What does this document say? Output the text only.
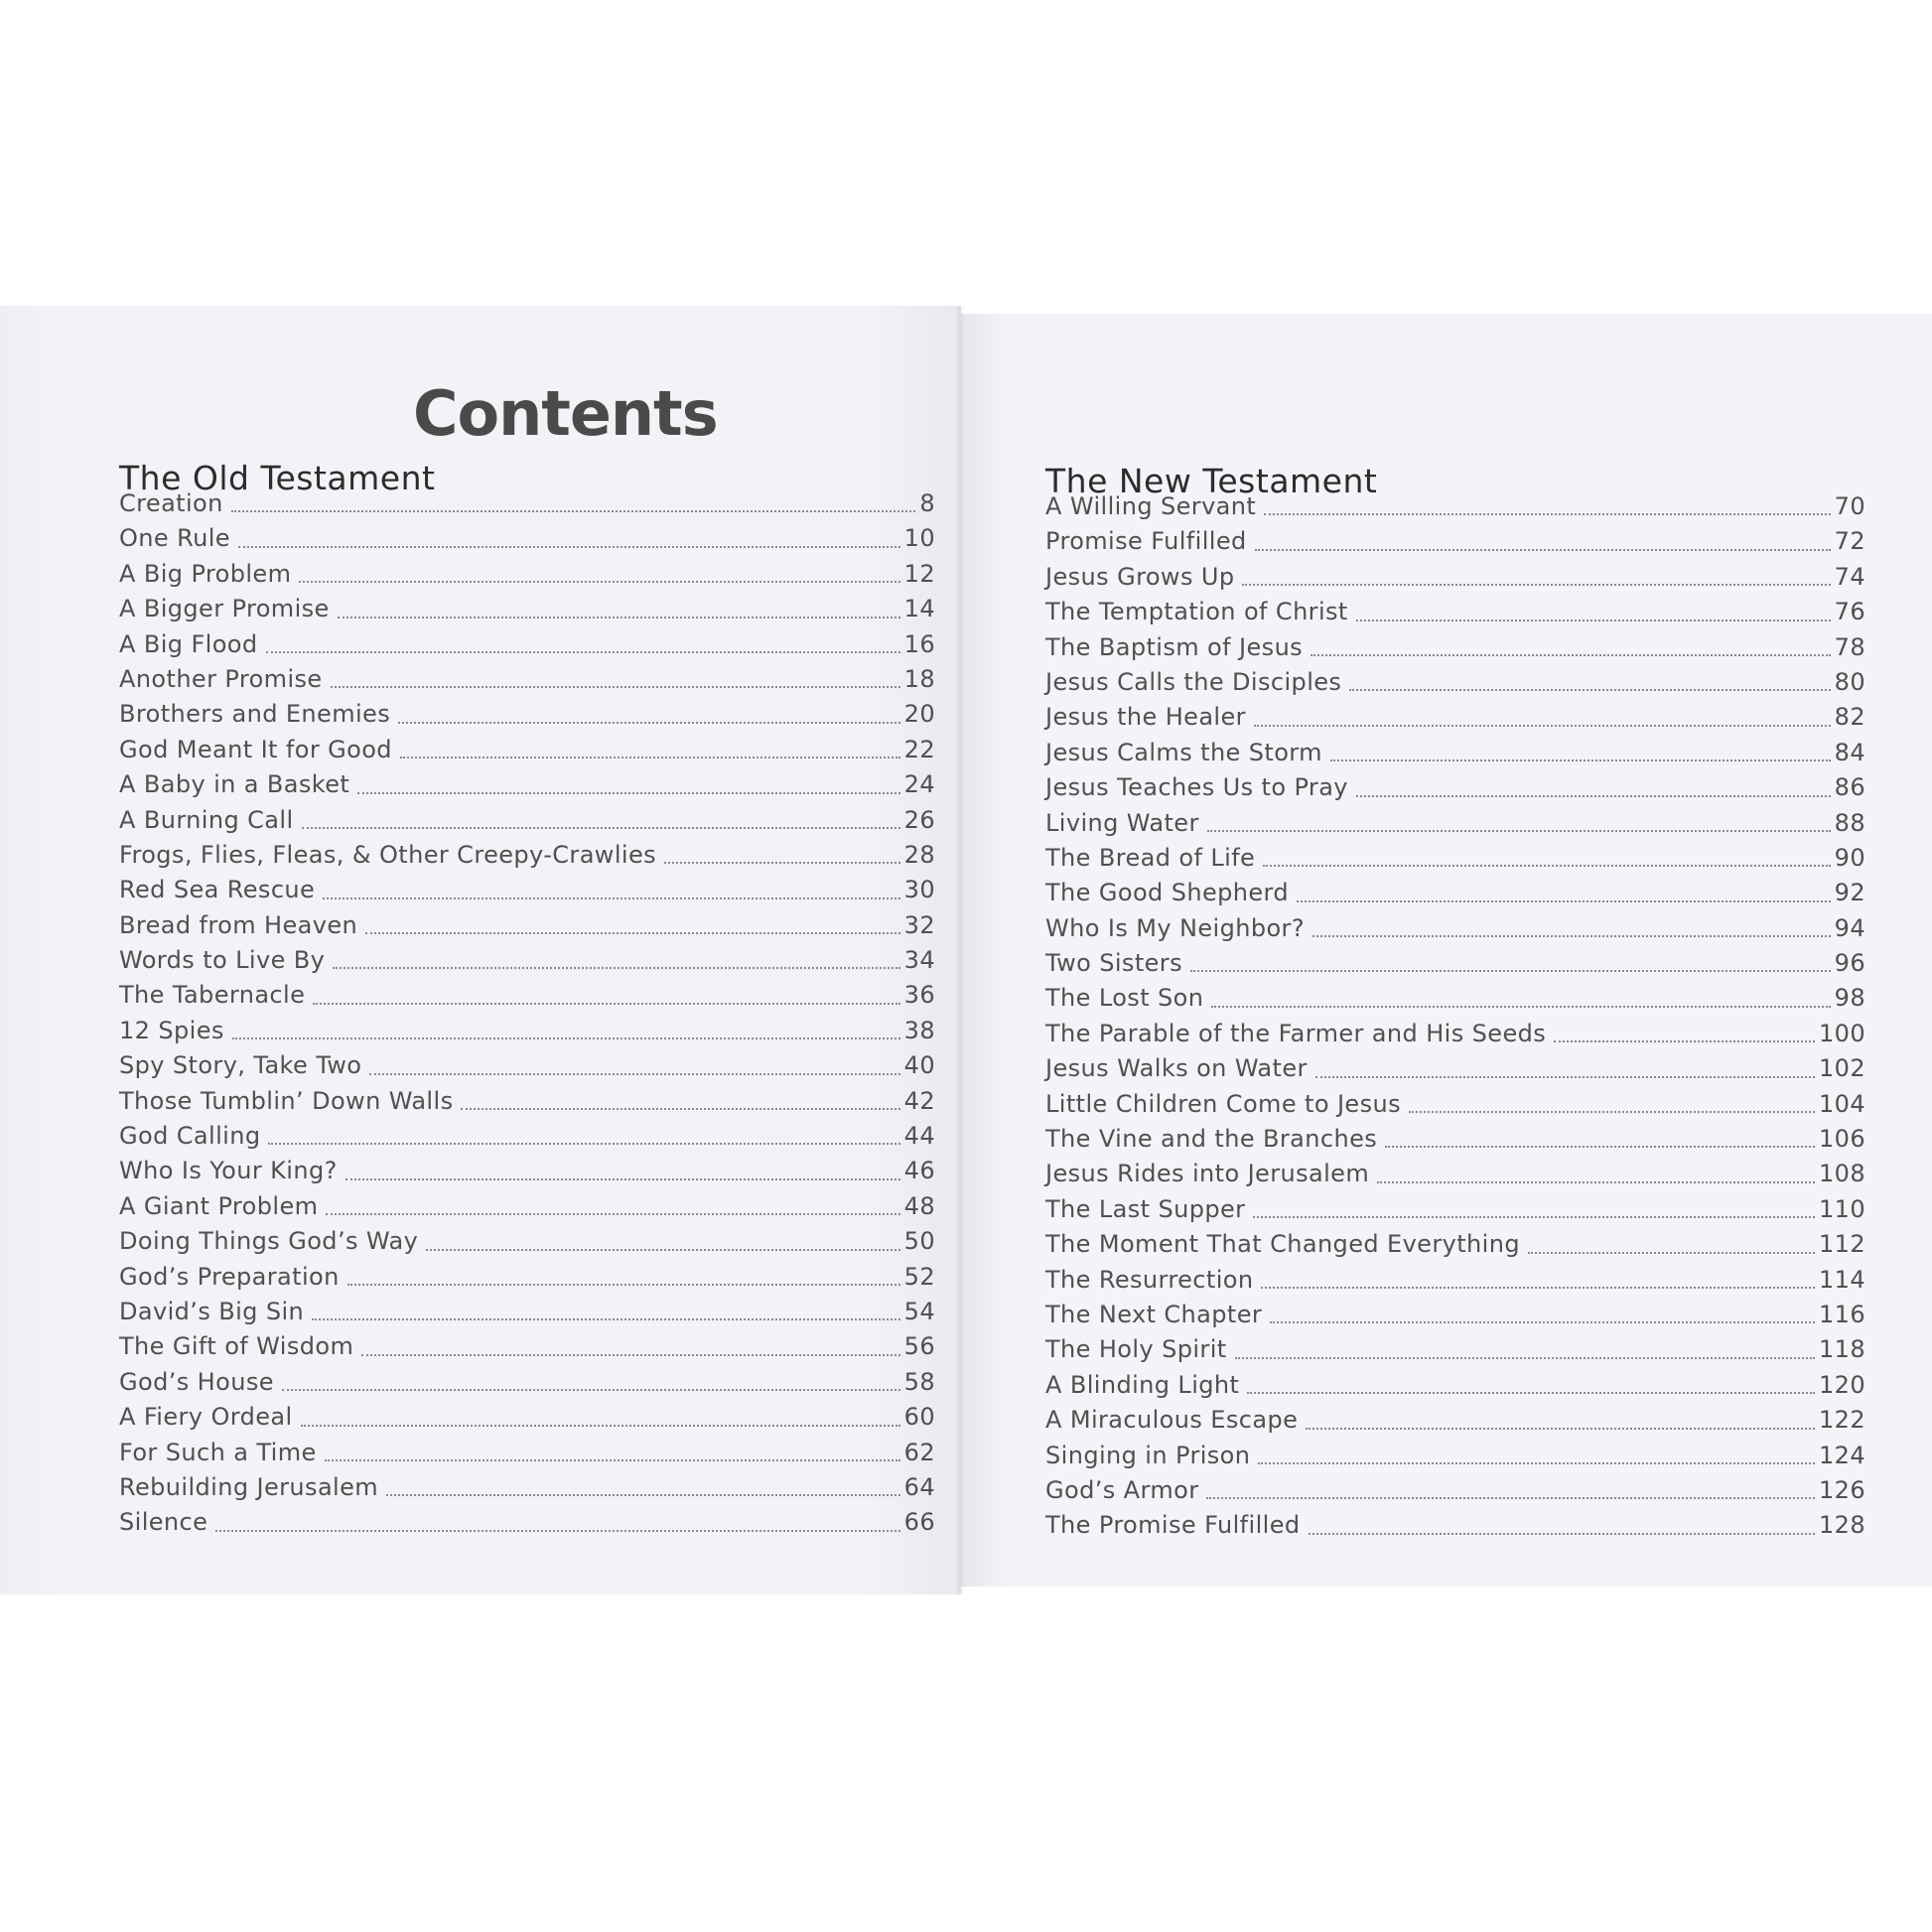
Contents
The Old Testament
Creation	8
One Rule	10
A Big Problem	12
A Bigger Promise	14
A Big Flood	16
Another Promise	18
Brothers and Enemies	20
God Meant It for Good	22
A Baby in a Basket	24
A Burning Call	26
Frogs, Flies, Fleas, & Other Creepy-Crawlies	28
Red Sea Rescue	30
Bread from Heaven	32
Words to Live By	34
The Tabernacle	36
12 Spies	38
Spy Story, Take Two	40
Those Tumblin’ Down Walls	42
God Calling	44
Who Is Your King?	46
A Giant Problem	48
Doing Things God’s Way	50
God’s Preparation	52
David’s Big Sin	54
The Gift of Wisdom	56
God’s House	58
A Fiery Ordeal	60
For Such a Time	62
Rebuilding Jerusalem	64
Silence	66
The New Testament
A Willing Servant	70
Promise Fulfilled	72
Jesus Grows Up	74
The Temptation of Christ	76
The Baptism of Jesus	78
Jesus Calls the Disciples	80
Jesus the Healer	82
Jesus Calms the Storm	84
Jesus Teaches Us to Pray	86
Living Water	88
The Bread of Life	90
The Good Shepherd	92
Who Is My Neighbor?	94
Two Sisters	96
The Lost Son	98
The Parable of the Farmer and His Seeds	100
Jesus Walks on Water	102
Little Children Come to Jesus	104
The Vine and the Branches	106
Jesus Rides into Jerusalem	108
The Last Supper	110
The Moment That Changed Everything	112
The Resurrection	114
The Next Chapter	116
The Holy Spirit	118
A Blinding Light	120
A Miraculous Escape	122
Singing in Prison	124
God’s Armor	126
The Promise Fulfilled	128
